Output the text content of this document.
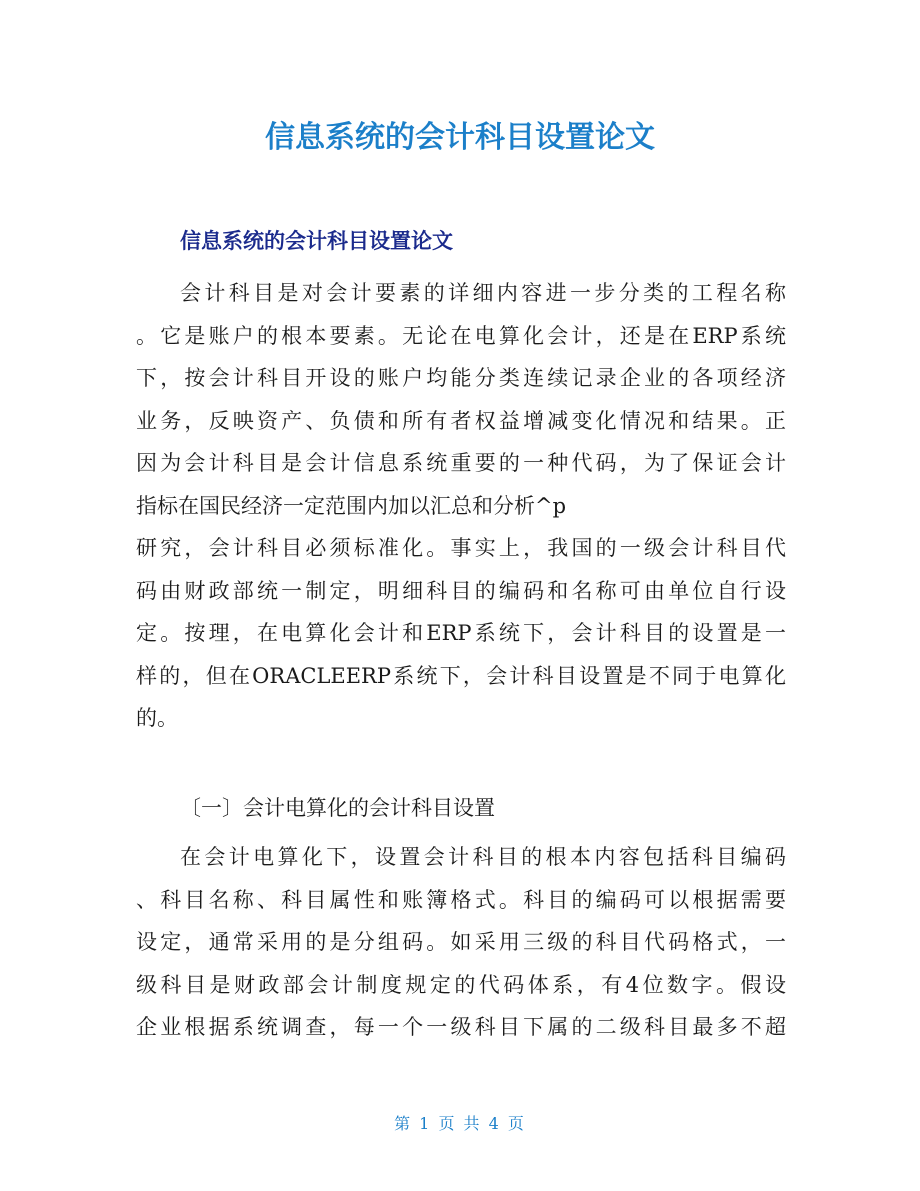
信息系统的会计科目设置论文
信息系统的会计科目设置论文
会计科目是对会计要素的详细内容进一步分类的工程名称
。它是账户的根本要素。无论在电算化会计，还是在ERP系统
下，按会计科目开设的账户均能分类连续记录企业的各项经济
业务，反映资产、负债和所有者权益增减变化情况和结果。正
因为会计科目是会计信息系统重要的一种代码，为了保证会计
指标在国民经济一定范围内加以汇总和分析^p
研究，会计科目必须标准化。事实上，我国的一级会计科目代
码由财政部统一制定，明细科目的编码和名称可由单位自行设
定。按理，在电算化会计和ERP系统下，会计科目的设置是一
样的，但在ORACLEERP系统下，会计科目设置是不同于电算化
的。
〔一〕会计电算化的会计科目设置
在会计电算化下，设置会计科目的根本内容包括科目编码
、科目名称、科目属性和账簿格式。科目的编码可以根据需要
设定，通常采用的是分组码。如采用三级的科目代码格式，一
级科目是财政部会计制度规定的代码体系，有4位数字。假设
企业根据系统调查，每一个一级科目下属的二级科目最多不超
第 1 页 共 4 页
